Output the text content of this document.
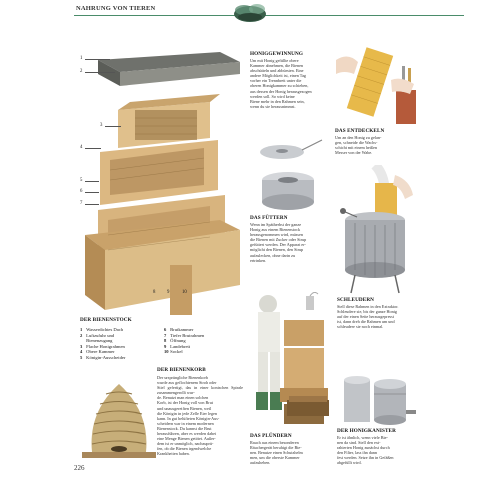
NAHRUNG VON TIEREN
1
2
3
4
5
6
7
8 9	10
DER BIENENSTOCK
1 Wasserdichtes Dach
2 Luftzufuhr und
Bienenzugang
3 Flache Honigrahmen
4 Obere Kammer
5 Königin-Ausscheider
6 Brutkammer
7 Tiefer Brutrahmen
8 Öffnung
9 Landebrett
10 Sockel
DER BIENENKORB
Der ursprüngliche Bienenkorb
wurde aus geflochtenem Stroh oder
Stiel gefertigt, das in einer konischen Spirale zusammengerollt wur-
de. Benutzt man einen solchen
Korb, ist der Honig voll von Brut
und unausgereiften Bienen, weil
die Königin in jede Zelle Eier legen
kann. In gut belüfteten Königin-Aus-
scheidern war in einem modernen
Bienenstock. Du kannst die Brut
herausführen, aber es werden dabei
eine Menge Bienen getötet. Außer-
dem ist er unmöglich, nachzuprü-
fen, ob die Bienen irgendwelche
Krankheiten haben.
HONIGGEWINNUNG
Um mit Honig gefüllte obere
Kammer abnehmen, die Bienen
abschütteln und abbürsten. Eine
andere Möglichkeit ist, einen Tag
vorher ein Trennbrett unter die
oberen Honigkammer zu schieben,
aus dessen der Honig herausgezogen
werden soll. So wird keine
Biene mehr in den Rahmen sein,
wenn du sie herausnimmst.
DAS ENTDECKELN
Um an den Honig zu gelan-
gen, schneide die Wachs-
schicht mit einem heißen
Messer von der Wabe.
DAS FÜTTERN
Wenn im Spätherbst der ganze
Honig aus einem Bienenstock
herausgenommen wird, müssen
die Bienen mit Zucker oder Sirup
gefüttert werden. Der Apparat er-
möglicht den Bienen, den Sirup
aufzulecken, ohne darin zu
ertrinken.
SCHLEUDERN
Stell diese Rahmen in den Extraktor.
Schleudere sie, bis der ganze Honig
auf der einen Seite herausgepresst
ist, dann dreh die Rahmen um und
schleudere sie noch einmal.
DAS PLÜNDERN
Rauch aus einem besonderen
Räuchergerät beruhigt die Bie-
nen. Benutze einen Schutzhelm
men, um die oberste Kammer
aufzuheben.
DER HONIGKANISTER
Er ist ähnlich, wenn viele Bie-
nen da sind. Stell den ext-
rahierten Honig zunächst durch
den Filter, lass ihn dann
fest werden. Setze ihn in Gefäßen
abgefüllt wird.
226
